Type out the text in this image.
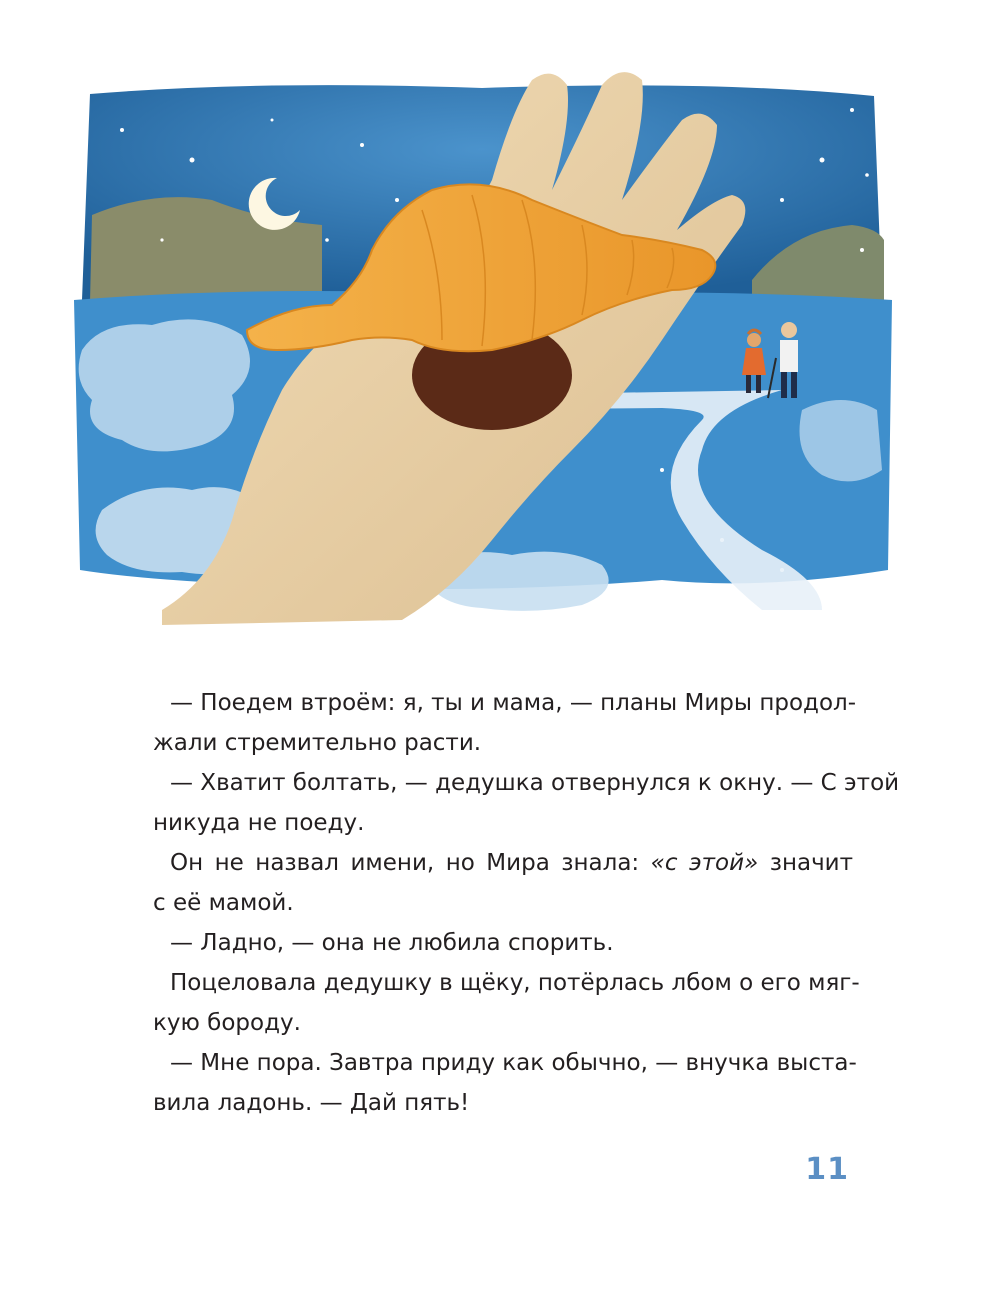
— Поедем втроём: я, ты и мама, — планы Миры продол-
жали стремительно расти.

— Хватит болтать, — дедушка отвернулся к окну. — С этой
никуда не поеду.

Он не назвал имени, но Мира знала: «с этой» значит
с её мамой.

— Ладно, — она не любила спорить.

Поцеловала дедушку в щёку, потёрлась лбом о его мяг-
кую бороду.

— Мне пора. Завтра приду как обычно, — внучка выста-
вила ладонь. — Дай пять!

11
